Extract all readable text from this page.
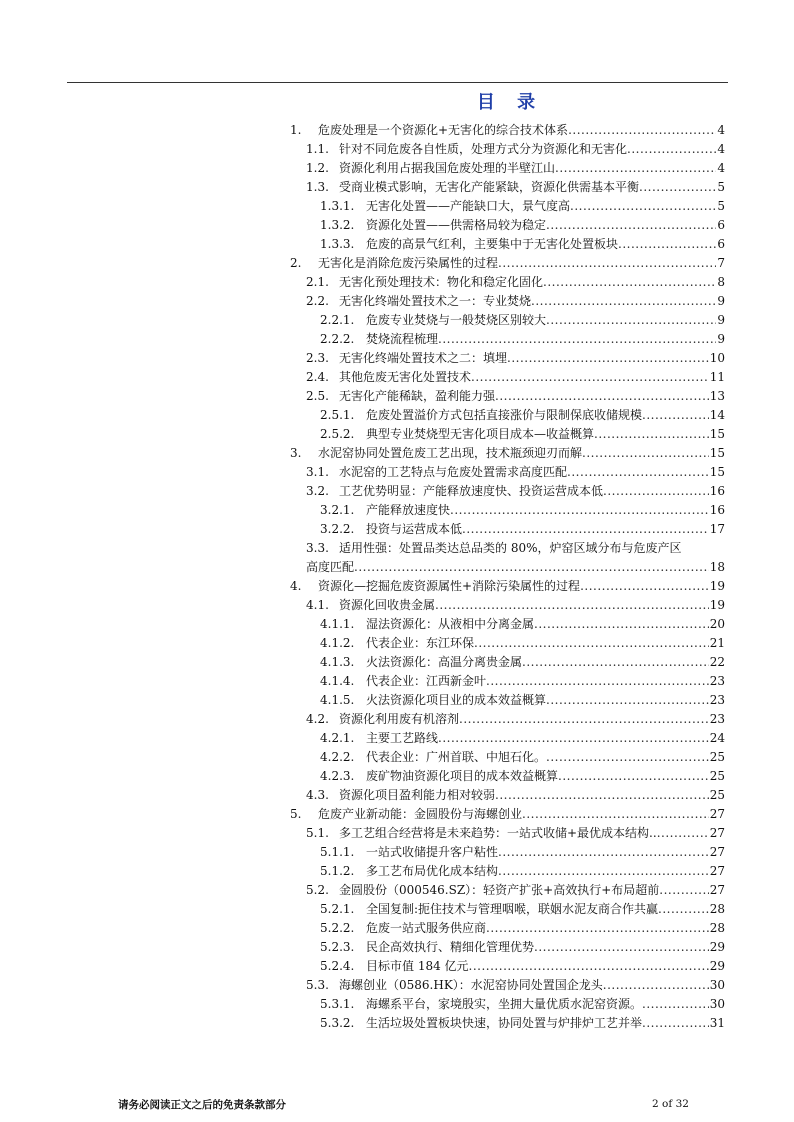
目 录
1.	危废处理是一个资源化+无害化的综合技术体系 .....	4
1.1. 针对不同危废各自性质，处理方式分为资源化和无害化 .....	4
1.2. 资源化利用占据我国危废处理的半壁江山 .....	4
1.3. 受商业模式影响，无害化产能紧缺，资源化供需基本平衡 .....	5
1.3.1. 无害化处置——产能缺口大，景气度高 .....	5
1.3.2. 资源化处置——供需格局较为稳定 .....	6
1.3.3. 危废的高景气红利，主要集中于无害化处置板块 .....	6
2.	无害化是消除危废污染属性的过程 .....	7
2.1. 无害化预处理技术：物化和稳定化固化 .....	8
2.2. 无害化终端处置技术之一：专业焚烧 .....	9
2.2.1. 危废专业焚烧与一般焚烧区别较大 .....	9
2.2.2. 焚烧流程梳理 .....	9
2.3. 无害化终端处置技术之二：填埋 .....	10
2.4. 其他危废无害化处置技术 .....	11
2.5. 无害化产能稀缺，盈利能力强 .....	13
2.5.1. 危废处置溢价方式包括直接涨价与限制保底收储规模 .....	14
2.5.2. 典型专业焚烧型无害化项目成本—收益概算 .....	15
3.	水泥窑协同处置危废工艺出现，技术瓶颈迎刃而解 .....	15
3.1. 水泥窑的工艺特点与危废处置需求高度匹配 .....	15
3.2. 工艺优势明显：产能释放速度快、投资运营成本低 .....	16
3.2.1. 产能释放速度快 .....	16
3.2.2. 投资与运营成本低 .....	17
3.3. 适用性强：处置品类达总品类的 80%，炉窑区域分布与危废产区
高度匹配 .....	18
4.	资源化—挖掘危废资源属性+消除污染属性的过程 .....	19
4.1. 资源化回收贵金属 .....	19
4.1.1. 湿法资源化：从液相中分离金属 .....	20
4.1.2. 代表企业：东江环保 .....	21
4.1.3. 火法资源化：高温分离贵金属 .....	22
4.1.4. 代表企业：江西新金叶 .....	23
4.1.5. 火法资源化项目业的成本效益概算 .....	23
4.2. 资源化利用废有机溶剂 .....	23
4.2.1. 主要工艺路线 .....	24
4.2.2. 代表企业：广州首联、中旭石化。 .....	25
4.2.3. 废矿物油资源化项目的成本效益概算 .....	25
4.3. 资源化项目盈利能力相对较弱 .....	25
5.	危废产业新动能：金圆股份与海螺创业 .....	27
5.1. 多工艺组合经营将是未来趋势：一站式收储+最优成本结构.. .....	27
5.1.1. 一站式收储提升客户粘性 .....	27
5.1.2. 多工艺布局优化成本结构 .....	27
5.2. 金圆股份（000546.SZ）：轻资产扩张+高效执行+布局超前 .....	27
5.2.1. 全国复制:扼住技术与管理咽喉，联姻水泥友商合作共赢 .....	28
5.2.2. 危废一站式服务供应商 .....	28
5.2.3. 民企高效执行、精细化管理优势 .....	29
5.2.4. 目标市值 184 亿元 .....	29
5.3. 海螺创业（0586.HK）：水泥窑协同处置国企龙头 .....	30
5.3.1. 海螺系平台，家境殷实，坐拥大量优质水泥窑资源。 .....	30
5.3.2. 生活垃圾处置板块快速，协同处置与炉排炉工艺并举 .....	31
请务必阅读正文之后的免责条款部分	2 of 32
